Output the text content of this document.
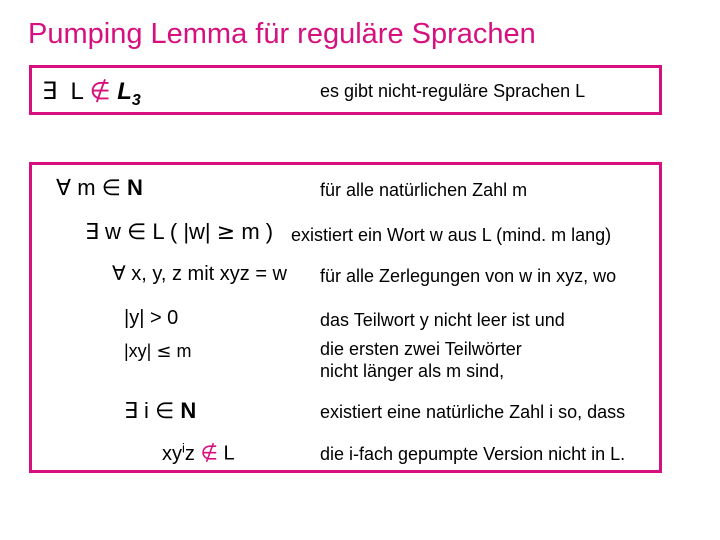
Pumping Lemma für reguläre Sprachen
∃ L ∉ $L_3$	es gibt nicht-reguläre Sprachen L
∀ m ∈ N	für alle natürlichen Zahl m
∃ w ∈ L ( |w| ≥ m ) existiert ein Wort w aus L (mind. m lang)
∀ x, y, z mit xyz = w für alle Zerlegungen von w in xyz, wo
|y| > 0	das Teilwort y nicht leer ist und
|xy| ≤ m	die ersten zwei Teilwörter
nicht länger als m sind,
∃ i ∈ N	existiert eine natürliche Zahl i so, dass
$xy^iz$ ∉ L	die i-fach gepumpte Version nicht in L.
